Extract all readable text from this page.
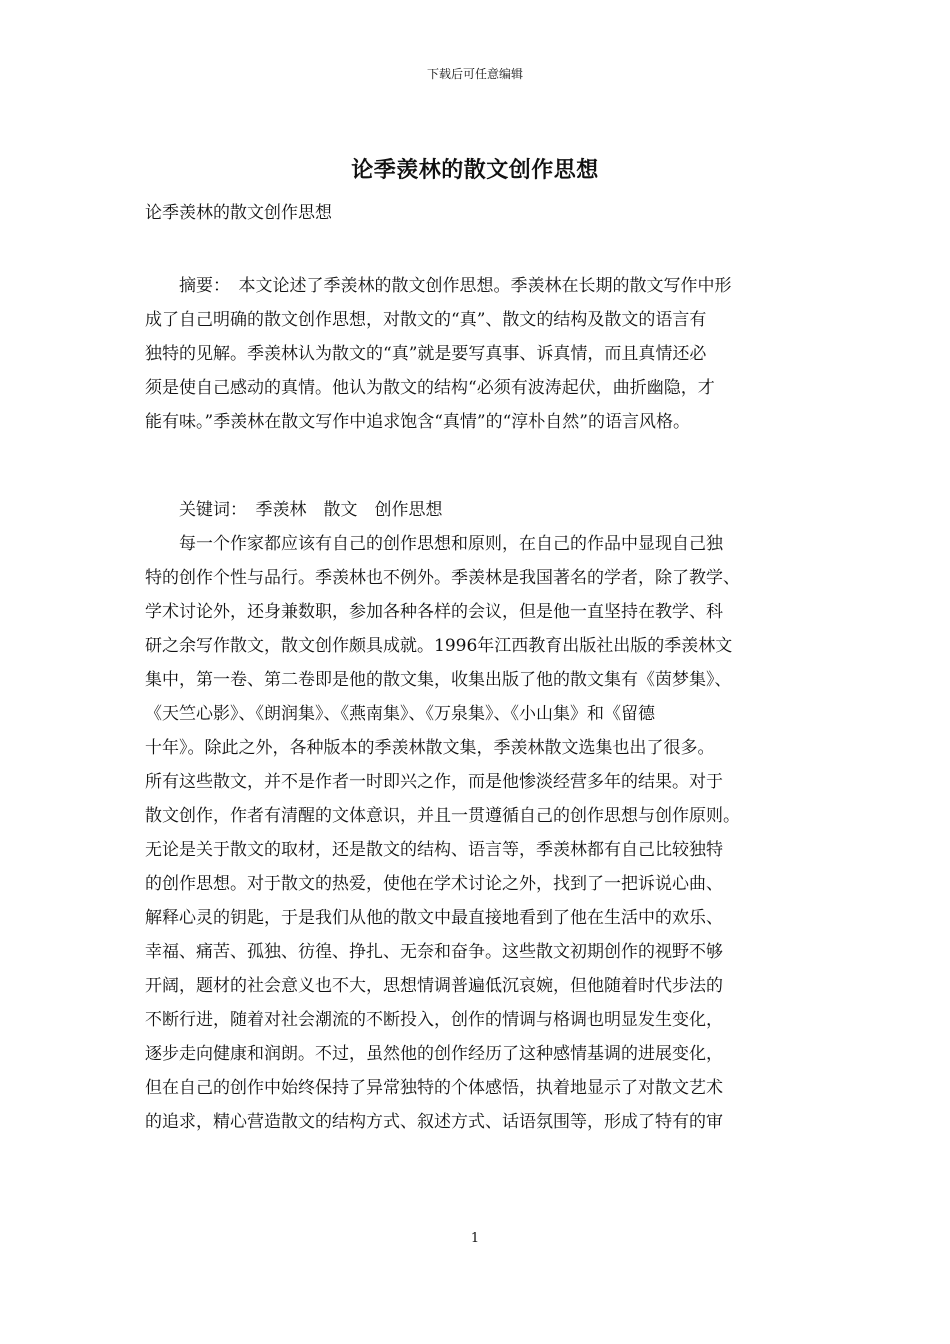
下载后可任意编辑
论季羡林的散文创作思想
论季羡林的散文创作思想
　　摘要：　本文论述了季羡林的散文创作思想。季羡林在长期的散文写作中形
成了自己明确的散文创作思想，对散文的“真”、散文的结构及散文的语言有
独特的见解。季羡林认为散文的“真”就是要写真事、诉真情，而且真情还必
须是使自己感动的真情。他认为散文的结构“必须有波涛起伏，曲折幽隐，才
能有味。”季羡林在散文写作中追求饱含“真情”的“淳朴自然”的语言风格。
　　关键词：　季羡林　散文　创作思想
　　每一个作家都应该有自己的创作思想和原则，在自己的作品中显现自己独
特的创作个性与品行。季羡林也不例外。季羡林是我国著名的学者，除了教学、
学术讨论外，还身兼数职，参加各种各样的会议，但是他一直坚持在教学、科
研之余写作散文，散文创作颇具成就。1996年江西教育出版社出版的季羡林文
集中，第一卷、第二卷即是他的散文集，收集出版了他的散文集有《茵梦集》、
《天竺心影》、《朗润集》、《燕南集》、《万泉集》、《小山集》和《留德
十年》。除此之外，各种版本的季羡林散文集，季羡林散文选集也出了很多。
所有这些散文，并不是作者一时即兴之作，而是他惨淡经营多年的结果。对于
散文创作，作者有清醒的文体意识，并且一贯遵循自己的创作思想与创作原则。
无论是关于散文的取材，还是散文的结构、语言等，季羡林都有自己比较独特
的创作思想。对于散文的热爱，使他在学术讨论之外，找到了一把诉说心曲、
解释心灵的钥匙，于是我们从他的散文中最直接地看到了他在生活中的欢乐、
幸福、痛苦、孤独、彷徨、挣扎、无奈和奋争。这些散文初期创作的视野不够
开阔，题材的社会意义也不大，思想情调普遍低沉哀婉，但他随着时代步法的
不断行进，随着对社会潮流的不断投入，创作的情调与格调也明显发生变化，
逐步走向健康和润朗。不过，虽然他的创作经历了这种感情基调的进展变化，
但在自己的创作中始终保持了异常独特的个体感悟，执着地显示了对散文艺术
的追求，精心营造散文的结构方式、叙述方式、话语氛围等，形成了特有的审
1
